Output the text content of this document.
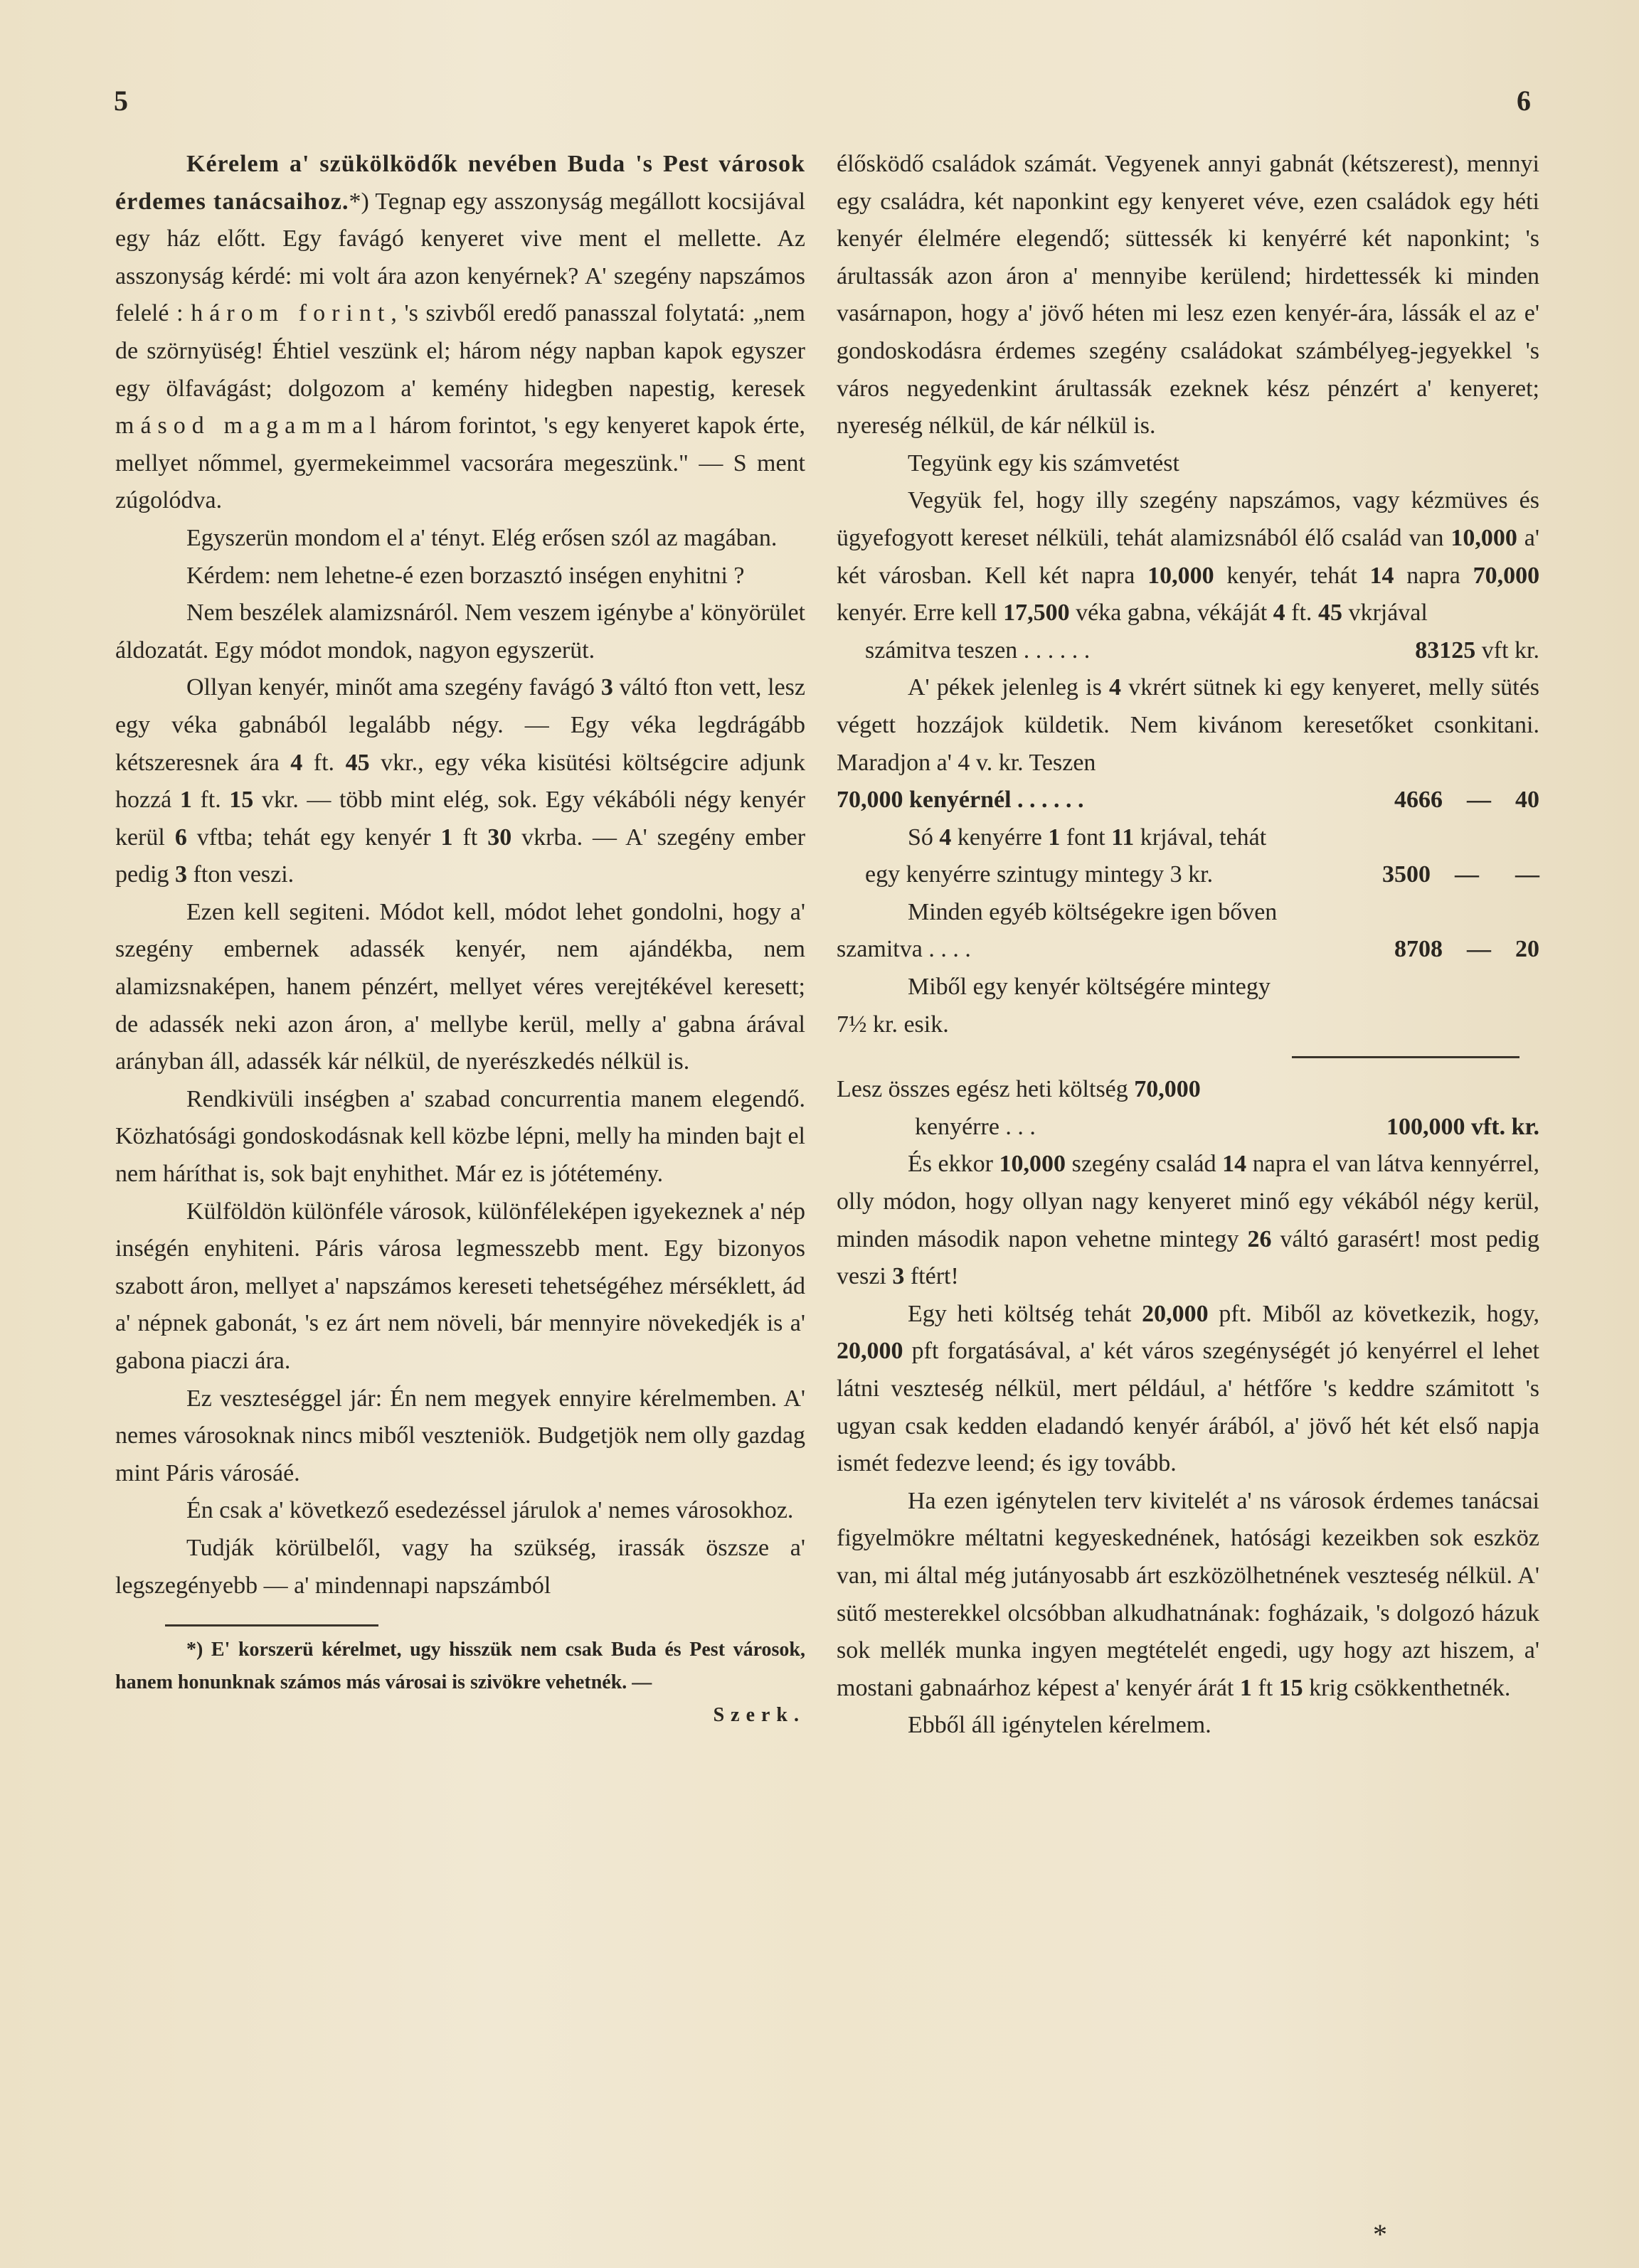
5	6

Kérelem a' szükölködők nevében Buda 's Pest városok érdemes tanácsaihoz.*) Tegnap egy asszonyság megállott kocsijával egy ház előtt. Egy favágó kenyeret vive ment el mellette. Az asszonyság kérdé: mi volt ára azon kenyérnek? A' szegény napszámos felelé : három forint, 's szivből eredő panasszal folytatá: „nem de szörnyüség! Éhtiel veszünk el; három négy napban kapok egyszer egy ölfavágást; dolgozom a' kemény hidegben napestig, keresek másod magammal három forintot, 's egy kenyeret kapok érte, mellyet nőmmel, gyermekeimmel vacsorára megeszünk." — S ment zúgolódva.

Egyszerün mondom el a' tényt. Elég erősen szól az magában.

Kérdem: nem lehetne-é ezen borzasztó inségen enyhitni ?

Nem beszélek alamizsnáról. Nem veszem igénybe a' könyörület áldozatát. Egy módot mondok, nagyon egyszerüt.

Ollyan kenyér, minőt ama szegény favágó 3 váltó fton vett, lesz egy véka gabnából legalább négy. — Egy véka legdrágább kétszeresnek ára 4 ft. 45 vkr., egy véka kisütési költségcire adjunk hozzá 1 ft. 15 vkr. — több mint elég, sok. Egy vékábóli négy kenyér kerül 6 vftba; tehát egy kenyér 1 ft 30 vkrba. — A' szegény ember pedig 3 fton veszi.

Ezen kell segiteni. Módot kell, módot lehet gondolni, hogy a' szegény embernek adassék kenyér, nem ajándékba, nem alamizsnaképen, hanem pénzért, mellyet véres verejtékével keresett; de adassék neki azon áron, a' mellybe kerül, melly a' gabna árával arányban áll, adassék kár nélkül, de nyerészkedés nélkül is.

Rendkivüli inségben a' szabad concurrentia manem elegendő. Közhatósági gondoskodásnak kell közbe lépni, melly ha minden bajt el nem háríthat is, sok bajt enyhithet. Már ez is jótétemény.

Külföldön különféle városok, különféleképen igyekeznek a' nép inségén enyhiteni. Páris városa legmesszebb ment. Egy bizonyos szabott áron, mellyet a' napszámos kereseti tehetségéhez mérséklett, ád a' népnek gabonát, 's ez árt nem növeli, bár mennyire növekedjék is a' gabona piaczi ára.

Ez veszteséggel jár: Én nem megyek ennyire kérelmemben. A' nemes városoknak nincs miből veszteniök. Budgetjök nem olly gazdag mint Páris városáé.

Én csak a' következő esedezéssel járulok a' nemes városokhoz.

Tudják körülbelől, vagy ha szükség, irassák öszsze a' legszegényebb — a' mindennapi napszámból

*) E' korszerü kérelmet, ugy hisszük nem csak Buda és Pest városok, hanem honunknak számos más városai is szivökre vehetnék. —
Szerk.

élősködő családok számát. Vegyenek annyi gabnát (kétszerest), mennyi egy családra, két naponkint egy kenyeret véve, ezen családok egy héti kenyér élelmére elegendő; süttessék ki kenyérré két naponkint; 's árultassák azon áron a' mennyibe kerülend; hirdettessék ki minden vasárnapon, hogy a' jövő héten mi lesz ezen kenyér-ára, lássák el az e' gondoskodásra érdemes szegény családokat számbélyeg-jegyekkel 's város negyedenkint árultassák ezeknek kész pénzért a' kenyeret; nyereség nélkül, de kár nélkül is.

Tegyünk egy kis számvetést

Vegyük fel, hogy illy szegény napszámos, vagy kézmüves és ügyefogyott kereset nélküli, tehát alamizsnából élő család van 10,000 a' két városban. Kell két napra 10,000 kenyér, tehát 14 napra 70,000 kenyér. Erre kell 17,500 véka gabna, vékáját 4 ft. 45 vkrjával

számitva teszen . . . . . .	83125 vft kr.

A' pékek jelenleg is 4 vkrért sütnek ki egy kenyeret, melly sütés végett hozzájok küldetik. Nem kivánom keresetőket csonkitani. Maradjon a' 4 v. kr. Teszen

70,000 kenyérnél . . . . . .	4666 — 40

Só 4 kenyérre 1 font 11 krjával, tehát

egy kenyérre szintugy mintegy 3 kr.	3500 — —

Minden egyéb költségekre igen bőven

szamitva . . . .	8708 — 20

Miből egy kenyér költségére mintegy

7½ kr. esik.

Lesz összes egész heti költség 70,000

kenyérre . . .	100,000 vft. kr.

És ekkor 10,000 szegény család 14 napra el van látva kennyérrel, olly módon, hogy ollyan nagy kenyeret minő egy vékából négy kerül, minden második napon vehetne mintegy 26 váltó garasért! most pedig veszi 3 ftért!

Egy heti költség tehát 20,000 pft. Miből az következik, hogy, 20,000 pft forgatásával, a' két város szegénységét jó kenyérrel el lehet látni veszteség nélkül, mert például, a' hétfőre 's keddre számitott 's ugyan csak kedden eladandó kenyér árából, a' jövő hét két első napja ismét fedezve leend; és igy tovább.

Ha ezen igénytelen terv kivitelét a' ns városok érdemes tanácsai figyelmökre méltatni kegyeskednének, hatósági kezeikben sok eszköz van, mi által még jutányosabb árt eszközölhetnének veszteség nélkül. A' sütő mesterekkel olcsóbban alkudhatnának: fogházaik, 's dolgozó házuk sok mellék munka ingyen megtételét engedi, ugy hogy azt hiszem, a' mostani gabnaárhoz képest a' kenyér árát 1 ft 15 krig csökkenthetnék.

Ebből áll igénytelen kérelmem.

*
